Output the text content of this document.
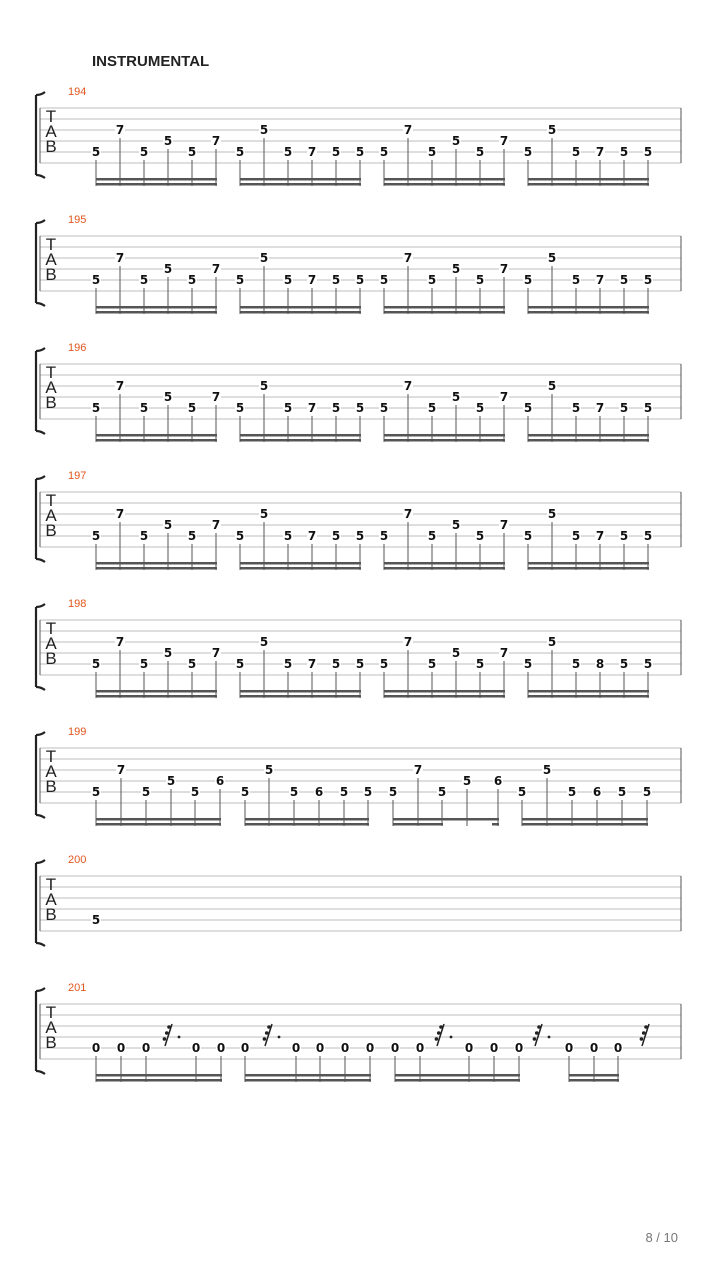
INSTRUMENTAL
T
A
B
194
5
7
5
5
5
7
5
5
5 7 5 5 5
7
5
5
5
7
5
5
5 7 5 5
T
A
B
195
5
7
5
5
5
7
5
5
5 7 5 5 5
7
5
5
5
7
5
5
5 7 5 5
T
A
B
196
5
7
5
5
5
7
5
5
5 7 5 5 5
7
5
5
5
7
5
5
5 7 5 5
T
A
B
197
5
7
5
5
5
7
5
5
5 7 5 5 5
7
5
5
5
7
5
5
5 7 5 5
T
A
B
198
5
7
5
5
5
7
5
5
5 7 5 5 5
7
5
5
5
7
5
5
5 8 5 5
T
A
B
199
5
7
5
5
5
6
5
5
5 6 5 5 5
7
5
5 6
5
5
5 6 5 5
T
A
B
200
5
T
A
B
201
0 0 0	0 0 0	0 0 0 0 0 0	0 0 0	0 0 0
8 / 10
